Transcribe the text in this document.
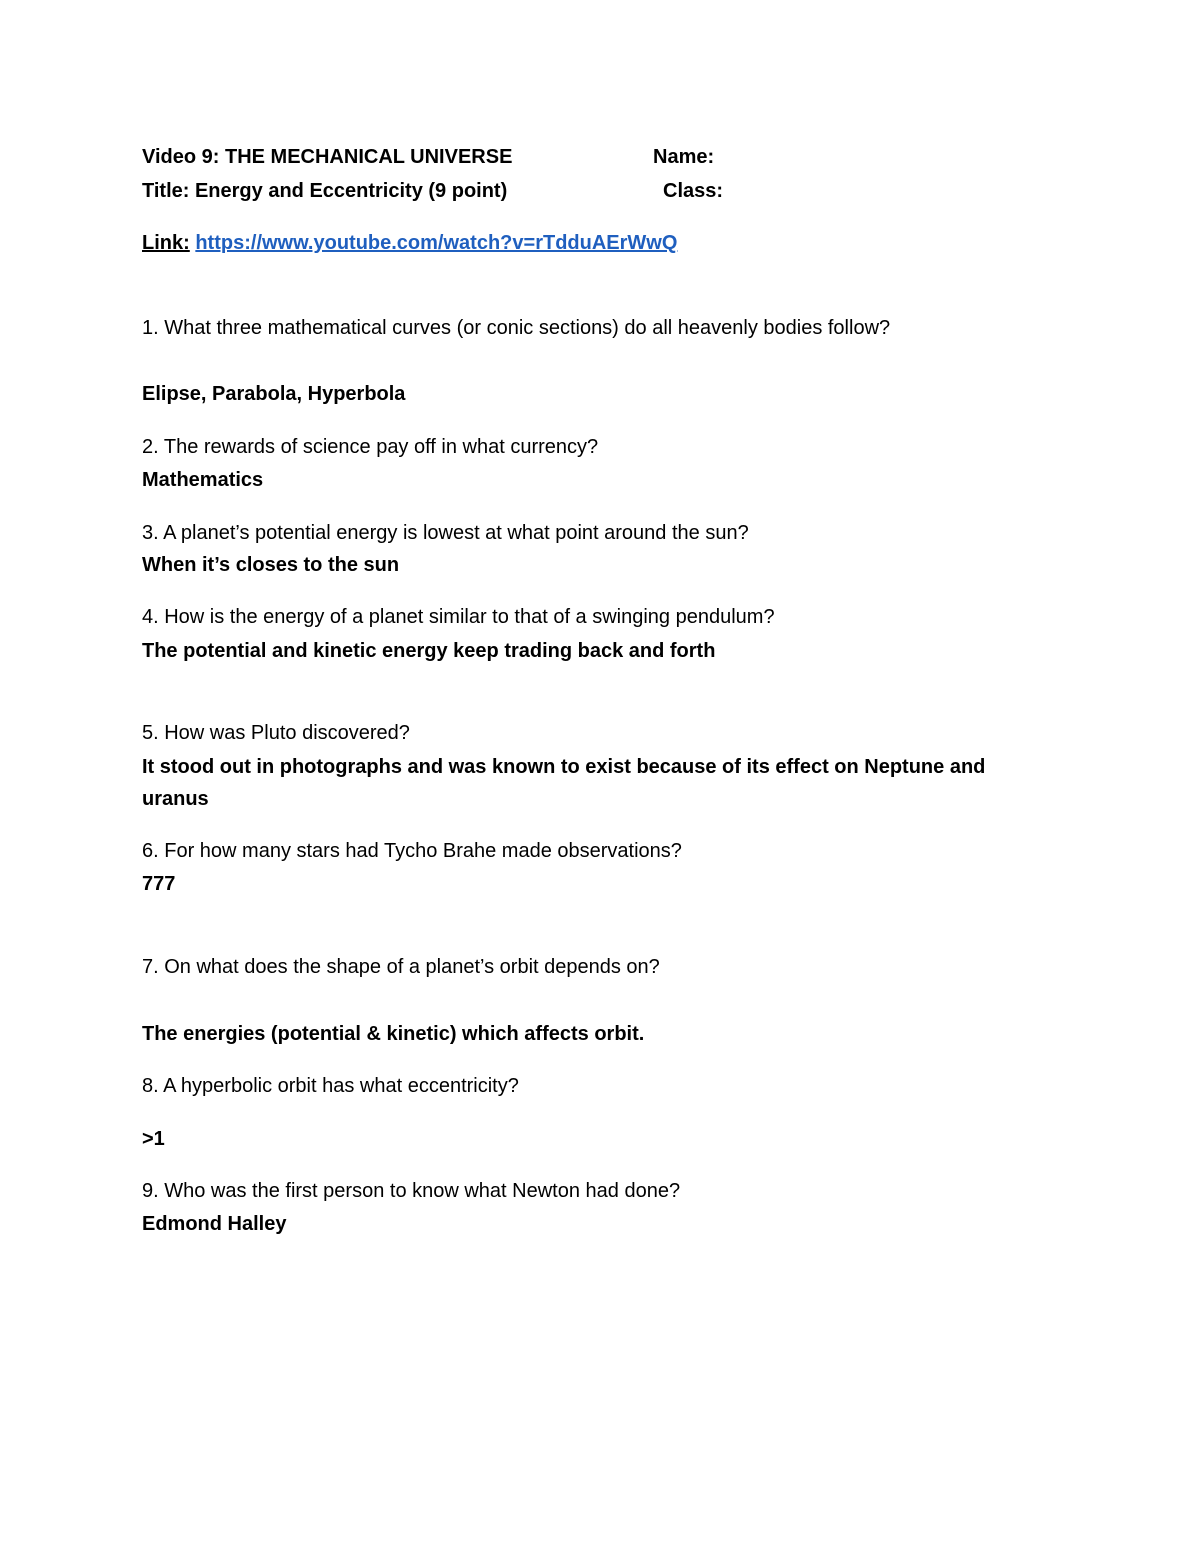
Video 9: THE MECHANICAL UNIVERSE	Name:
Title: Energy and Eccentricity (9 point)	Class:
Link: https://www.youtube.com/watch?v=rTdduAErWwQ
1. What three mathematical curves (or conic sections) do all heavenly bodies follow?
Elipse, Parabola, Hyperbola
2. The rewards of science pay off in what currency?
Mathematics
3. A planet’s potential energy is lowest at what point around the sun?
When it’s closes to the sun
4. How is the energy of a planet similar to that of a swinging pendulum?
The potential and kinetic energy keep trading back and forth
5. How was Pluto discovered?
It stood out in photographs and was known to exist because of its effect on Neptune and
uranus
6. For how many stars had Tycho Brahe made observations?
777
7. On what does the shape of a planet’s orbit depends on?
The energies (potential & kinetic) which affects orbit.
8. A hyperbolic orbit has what eccentricity?
>1
9. Who was the first person to know what Newton had done?
Edmond Halley
